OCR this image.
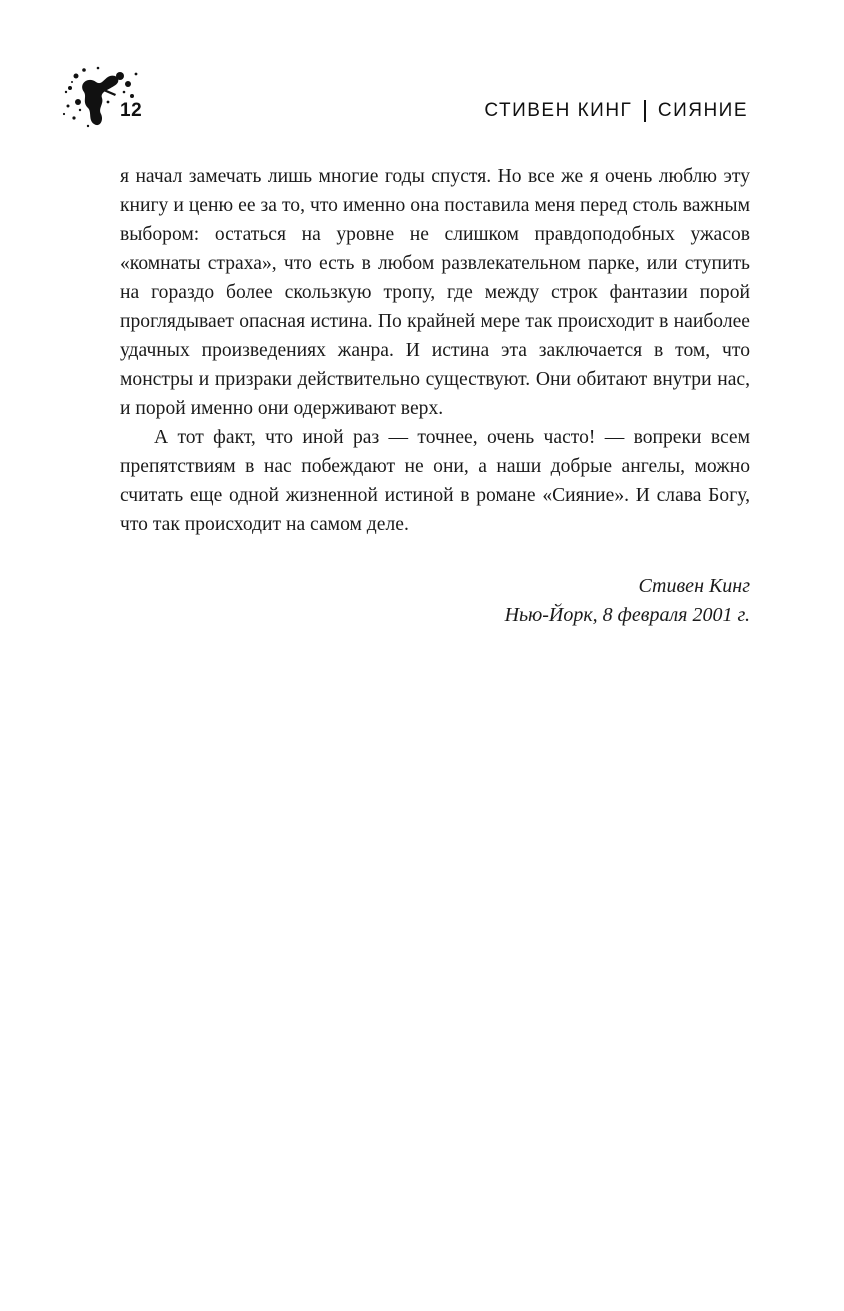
12	СТИВЕН КИНГ СИЯНИЕ

я начал замечать лишь многие годы спустя. Но все же я очень люблю эту книгу и ценю ее за то, что именно она поставила меня перед столь важным выбором: остаться на уровне не слишком правдоподобных ужасов «комнаты страха», что есть в любом развлекательном парке, или ступить на гораздо более скользкую тропу, где между строк фантазии порой проглядывает опасная истина. По крайней мере так происходит в наиболее удачных произведениях жанра. И истина эта заключается в том, что монстры и призраки действительно существуют. Они обитают внутри нас, и порой именно они одерживают верх.

А тот факт, что иной раз — точнее, очень часто! — вопреки всем препятствиям в нас побеждают не они, а наши добрые ангелы, можно считать еще одной жизненной истиной в романе «Сияние». И слава Богу, что так происходит на самом деле.

Стивен Кинг
Нью-Йорк, 8 февраля 2001 г.
